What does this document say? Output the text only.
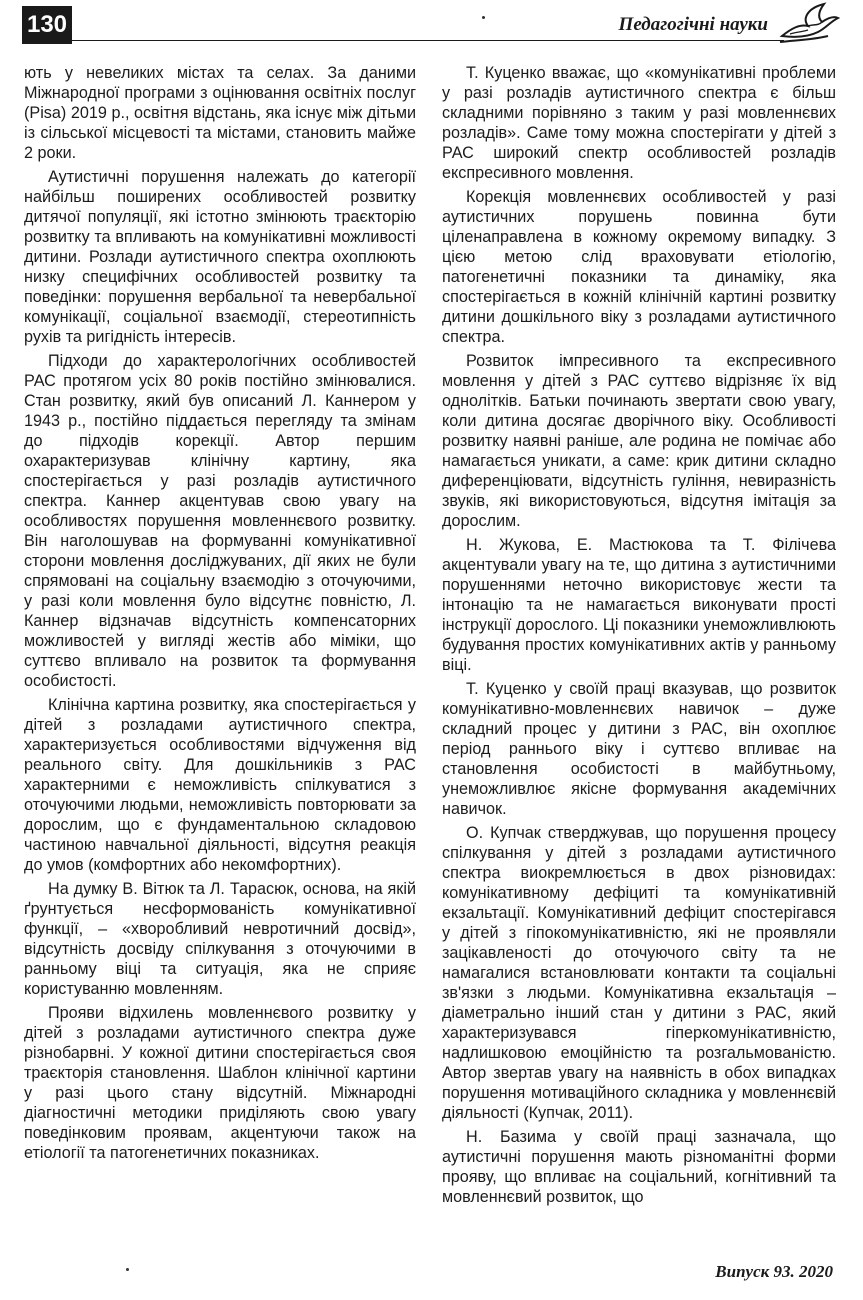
130	Педагогічні науки

ють у невеликих містах та селах. За даними Міжнародної програми з оцінювання освітніх послуг (Pisa) 2019 р., освітня відстань, яка існує між дітьми із сільської місцевості та містами, становить майже 2 роки.

Аутистичні порушення належать до категорії найбільш поширених особливостей розвитку дитячої популяції, які істотно змінюють траєкторію розвитку та впливають на комунікативні можливості дитини. Розлади аутистичного спектра охоплюють низку специфічних особливостей розвитку та поведінки: порушення вербальної та невербальної комунікації, соціальної взаємодії, стереотипність рухів та ригідність інтересів.

Підходи до характерологічних особливостей РАС протягом усіх 80 років постійно змінювалися. Стан розвитку, який був описаний Л. Каннером у 1943 р., постійно піддається перегляду та змінам до підходів корекції. Автор першим охарактеризував клінічну картину, яка спостерігається у разі розладів аутистичного спектра. Каннер акцентував свою увагу на особливостях порушення мовленнєвого розвитку. Він наголошував на формуванні комунікативної сторони мовлення досліджуваних, дії яких не були спрямовані на соціальну взаємодію з оточуючими, у разі коли мовлення було відсутнє повністю, Л. Каннер відзначав відсутність компенсаторних можливостей у вигляді жестів або міміки, що суттєво впливало на розвиток та формування особистості.

Клінічна картина розвитку, яка спостерігається у дітей з розладами аутистичного спектра, характеризується особливостями відчуження від реального світу. Для дошкільників з РАС характерними є неможливість спілкуватися з оточуючими людьми, неможливість повторювати за дорослим, що є фундаментальною складовою частиною навчальної діяльності, відсутня реакція до умов (комфортних або некомфортних).

На думку В. Вітюк та Л. Тарасюк, основа, на якій ґрунтується несформованість комунікативної функції, – «хворобливий невротичний досвід», відсутність досвіду спілкування з оточуючими в ранньому віці та ситуація, яка не сприяє користуванню мовленням.

Прояви відхилень мовленнєвого розвитку у дітей з розладами аутистичного спектра дуже різнобарвні. У кожної дитини спостерігається своя траєкторія становлення. Шаблон клінічної картини у разі цього стану відсутній. Міжнародні діагностичні методики приділяють свою увагу поведінковим проявам, акцентуючи також на етіології та патогенетичних показниках.

Т. Куценко вважає, що «комунікативні проблеми у разі розладів аутистичного спектра є більш складними порівняно з таким у разі мовленнєвих розладів». Саме тому можна спостерігати у дітей з РАС широкий спектр особливостей розладів експресивного мовлення.

Корекція мовленнєвих особливостей у разі аутистичних порушень повинна бути цілeнаправлена в кожному окремому випадку. З цією метою слід враховувати етіологію, патогенетичні показники та динаміку, яка спостерігається в кожній клінічній картині розвитку дитини дошкільного віку з розладами аутистичного спектра.

Розвиток імпресивного та експресивного мовлення у дітей з РАС суттєво відрізняє їх від однолітків. Батьки починають звертати свою увагу, коли дитина досягає дворічного віку. Особливості розвитку наявні раніше, але родина не помічає або намагається уникати, а саме: крик дитини складно диференціювати, відсутність гуління, невиразність звуків, які використовуються, відсутня імітація за дорослим.

Н. Жукова, Е. Мастюкова та Т. Філічева акцентували увагу на те, що дитина з аутистичними порушеннями неточно використовує жести та інтонацію та не намагається виконувати прості інструкції дорослого. Ці показники унеможливлюють будування простих комунікативних актів у ранньому віці.

Т. Куценко у своїй праці вказував, що розвиток комунікативно-мовленнєвих навичок – дуже складний процес у дитини з РАС, він охоплює період раннього віку і суттєво впливає на становлення особистості в майбутньому, унеможливлює якісне формування академічних навичок.

О. Купчак стверджував, що порушення процесу спілкування у дітей з розладами аутистичного спектра виокремлюється в двох різновидах: комунікативному дефіциті та комунікативній екзальтації. Комунікативний дефіцит спостерігався у дітей з гіпокомунікативністю, які не проявляли зацікавленості до оточуючого світу та не намагалися встановлювати контакти та соціальні зв'язки з людьми. Комунікативна екзальтація – діаметрально інший стан у дитини з РАС, який характеризувався гіперкомунікативністю, надлишковою емоційністю та розгальмованістю. Автор звертав увагу на наявність в обох випадках порушення мотиваційного складника у мовленнєвій діяльності (Купчак, 2011).

Н. Базима у своїй праці зазначала, що аутистичні порушення мають різноманітні форми прояву, що впливає на соціальний, когнітивний та мовленнєвий розвиток, що

Випуск 93. 2020
